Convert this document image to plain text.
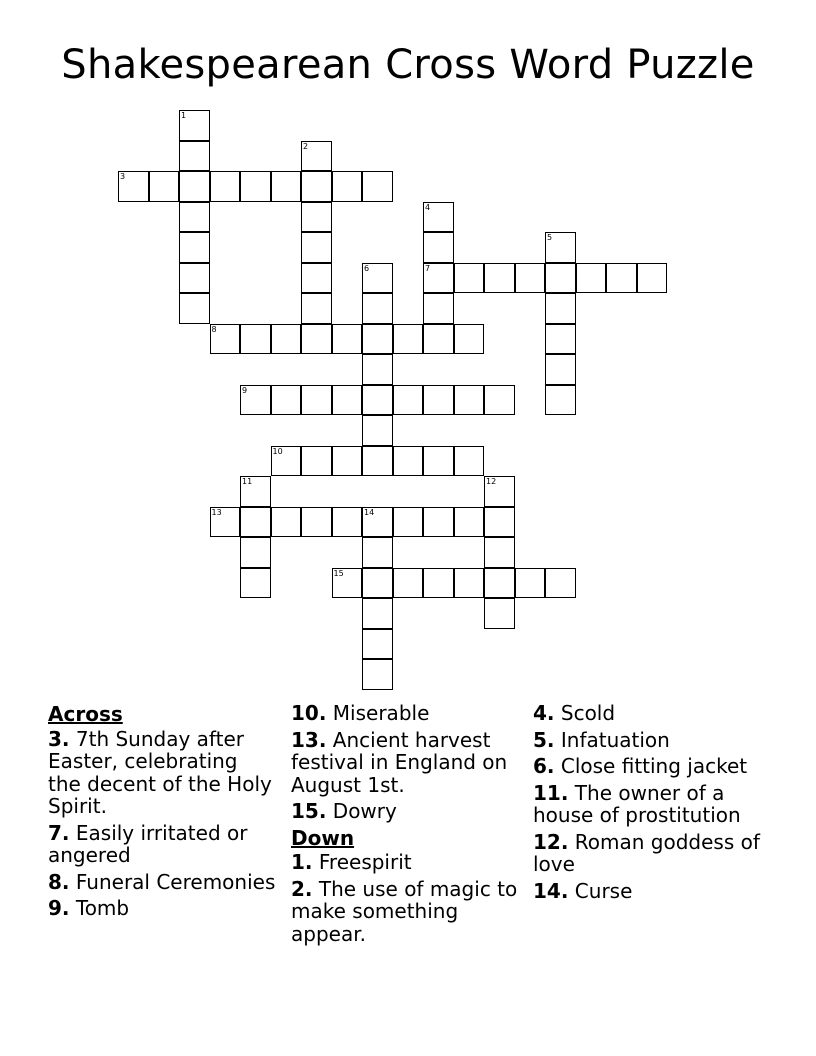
Shakespearean Cross Word Puzzle
1
2
3
4
7
5
6
8
9
10
11	12
13	14
15
Across
3. 7th Sunday after Easter, celebrating the decent of the Holy Spirit.
7. Easily irritated or angered
8. Funeral Ceremonies
9. Tomb
10. Miserable
13. Ancient harvest festival in England on August 1st.
15. Dowry
Down
1. Freespirit
2. The use of magic to make something appear.
4. Scold
5. Infatuation
6. Close fitting jacket
11. The owner of a house of prostitution
12. Roman goddess of love
14. Curse
